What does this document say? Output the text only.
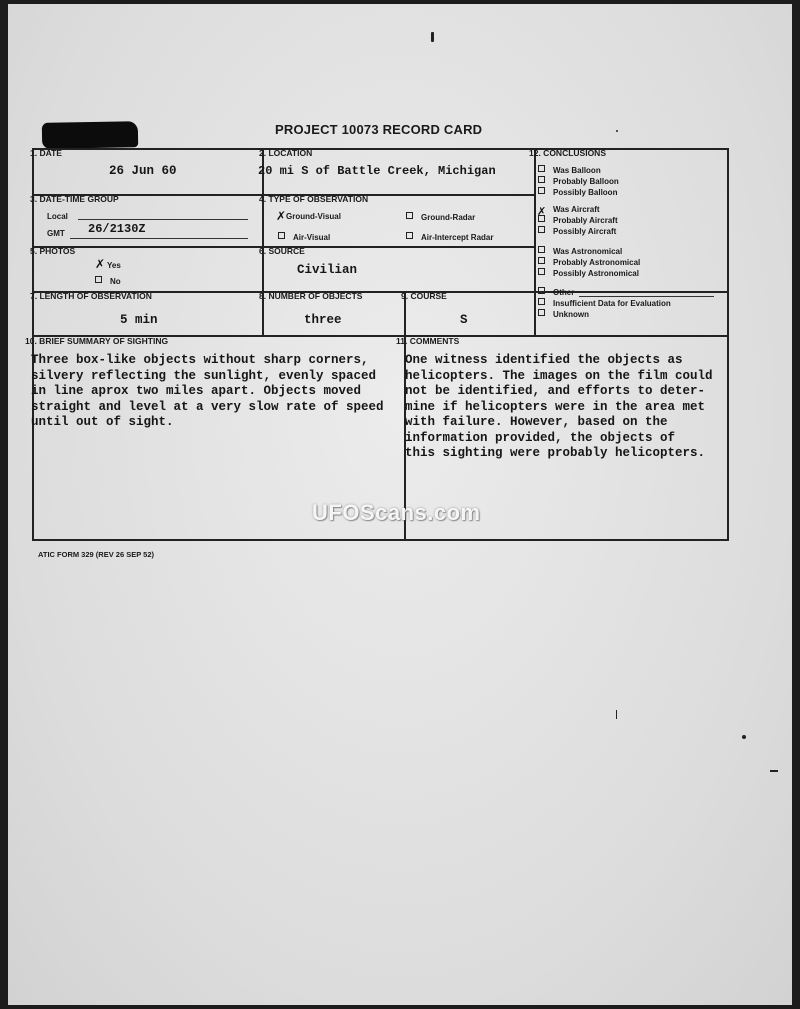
PROJECT 10073 RECORD CARD
1. DATE
26 Jun 60
2. LOCATION
20 mi S of Battle Creek, Michigan
3. DATE-TIME GROUP
Local
GMT 26/2130Z
4. TYPE OF OBSERVATION
✗ Ground-Visual	Ground-Radar
Air-Visual	Air-Intercept Radar
5. PHOTOS
✗ Yes
No
6. SOURCE
Civilian
7. LENGTH OF OBSERVATION
5 min
8. NUMBER OF OBJECTS
three
9. COURSE
S
10. BRIEF SUMMARY OF SIGHTING
Three box-like objects without sharp corners,
silvery reflecting the sunlight, evenly spaced
in line aprox two miles apart. Objects moved
straight and level at a very slow rate of speed
until out of sight.
11. COMMENTS
One witness identified the objects as
helicopters. The images on the film could
not be identified, and efforts to deter-
mine if helicopters were in the area met
with failure. However, based on the
information provided, the objects of
this sighting were probably helicopters.
12. CONCLUSIONS
Was Balloon
Probably Balloon
Possibly Balloon
✗ Was Aircraft
Probably Aircraft
Possibly Aircraft
Was Astronomical
Probably Astronomical
Possibly Astronomical
Other
Insufficient Data for Evaluation
Unknown
UFOScans.com
ATIC FORM 329 (REV 26 SEP 52)
